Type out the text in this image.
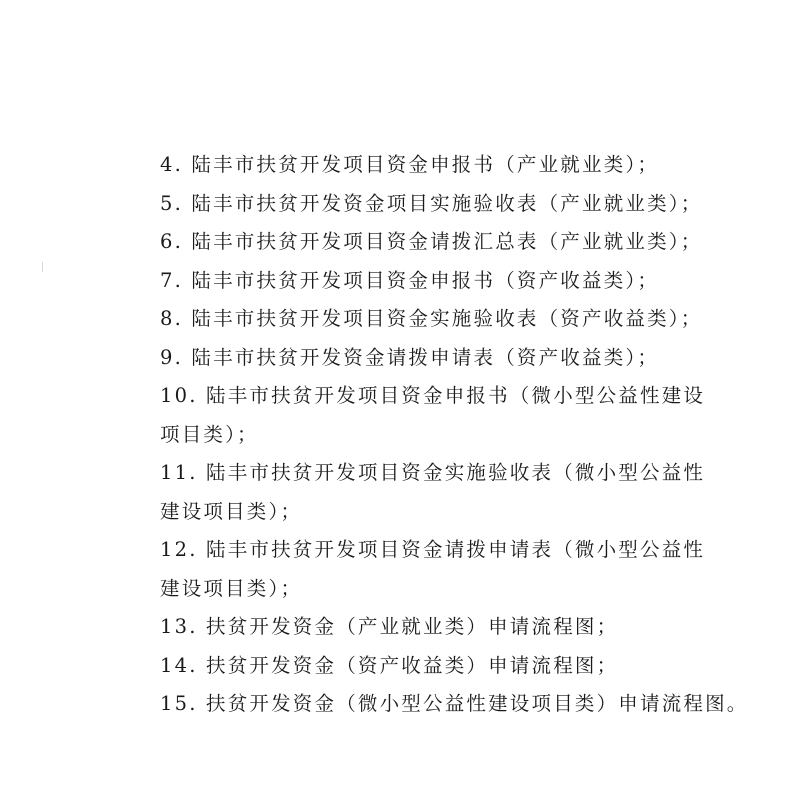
4. 陆丰市扶贫开发项目资金申报书（产业就业类）；
5. 陆丰市扶贫开发资金项目实施验收表（产业就业类）；
6. 陆丰市扶贫开发项目资金请拨汇总表（产业就业类）；
7. 陆丰市扶贫开发项目资金申报书（资产收益类）；
8. 陆丰市扶贫开发项目资金实施验收表（资产收益类）；
9. 陆丰市扶贫开发资金请拨申请表（资产收益类）；
10. 陆丰市扶贫开发项目资金申报书（微小型公益性建设项目类）；
11. 陆丰市扶贫开发项目资金实施验收表（微小型公益性建设项目类）；
12. 陆丰市扶贫开发项目资金请拨申请表（微小型公益性建设项目类）；
13. 扶贫开发资金（产业就业类）申请流程图；
14. 扶贫开发资金（资产收益类）申请流程图；
15. 扶贫开发资金（微小型公益性建设项目类）申请流程图。
